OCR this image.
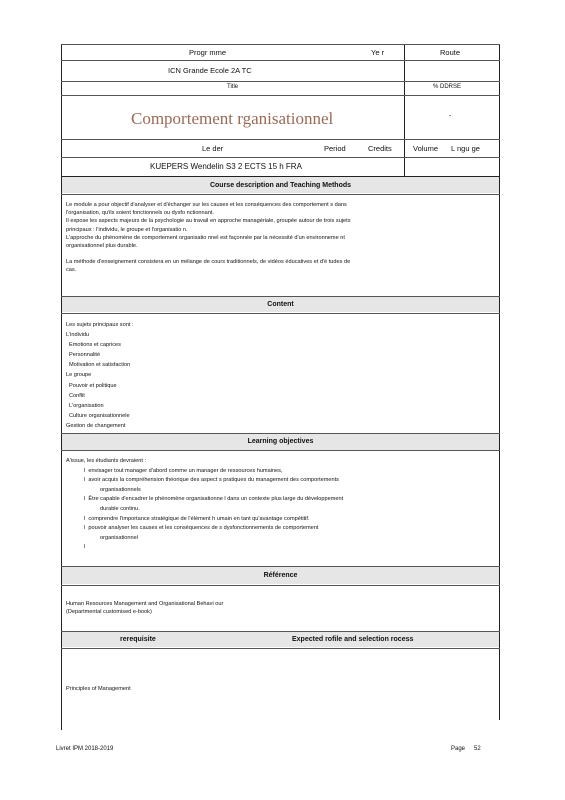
Progr mme	Ye r	Route
ICN Grande Ecole 2A TC
Title	% DDRSE
Comportement rganisationnel	-
Le der	Period	Credits	Volume L ngu ge
KUEPERS Wendelin S3 2 ECTS 15 h FRA
Course description and Teaching Methods
Le module a pour objectif d'analyser et d'échanger sur les causes et les conséquences des comportement s dans
l'organisation, qu'ils soient fonctionnels ou dysfo nctionnant.
Il expose les aspects majeurs de la psychologie au travail en approche managériale, groupée autour de trois sujets
principaux : l'individu, le groupe et l'organisatio n.
L'approche du phénomène de comportement organisatio nnel est façonnée par la nécessité d'un environneme nt
organisationnel plus durable.
La méthode d'enseignement consistera en un mélange de cours traditionnels, de vidéos éducatives et d'é tudes de
cas.
Content
Les sujets principaux sont :
L'individu
Emotions et caprices
Personnalité
Motivation et satisfaction
Le groupe
Pouvoir et politique
Conflit
L'organisation
Culture organisationnele
Gestion de changement
Learning objectives
A'issue, les étudiants devraient :
l envisager tout manager d'abord comme un manager de ressources humaines,
l avoir acquis la compréhension théorique des aspect s pratiques du management des comportements
organisationnels
l Être capable d'encadrer le phénomène organisationne l dans un contexte plus large du développement
durable continu.
l comprendre l'importance stratégique de l'élément h umain en tant qu'avantage compétitif.
l pouvoir analyser les causes et les conséquences de s dysfonctionnements de comportement
organisationnel
l
Référence
Human Resources Management and Organisational Behavi our
(Departmental customised e-book)
rerequisite	Expected rofile and selection rocess
Principles of Management
Livret IPM 2018-2019	Page 52
